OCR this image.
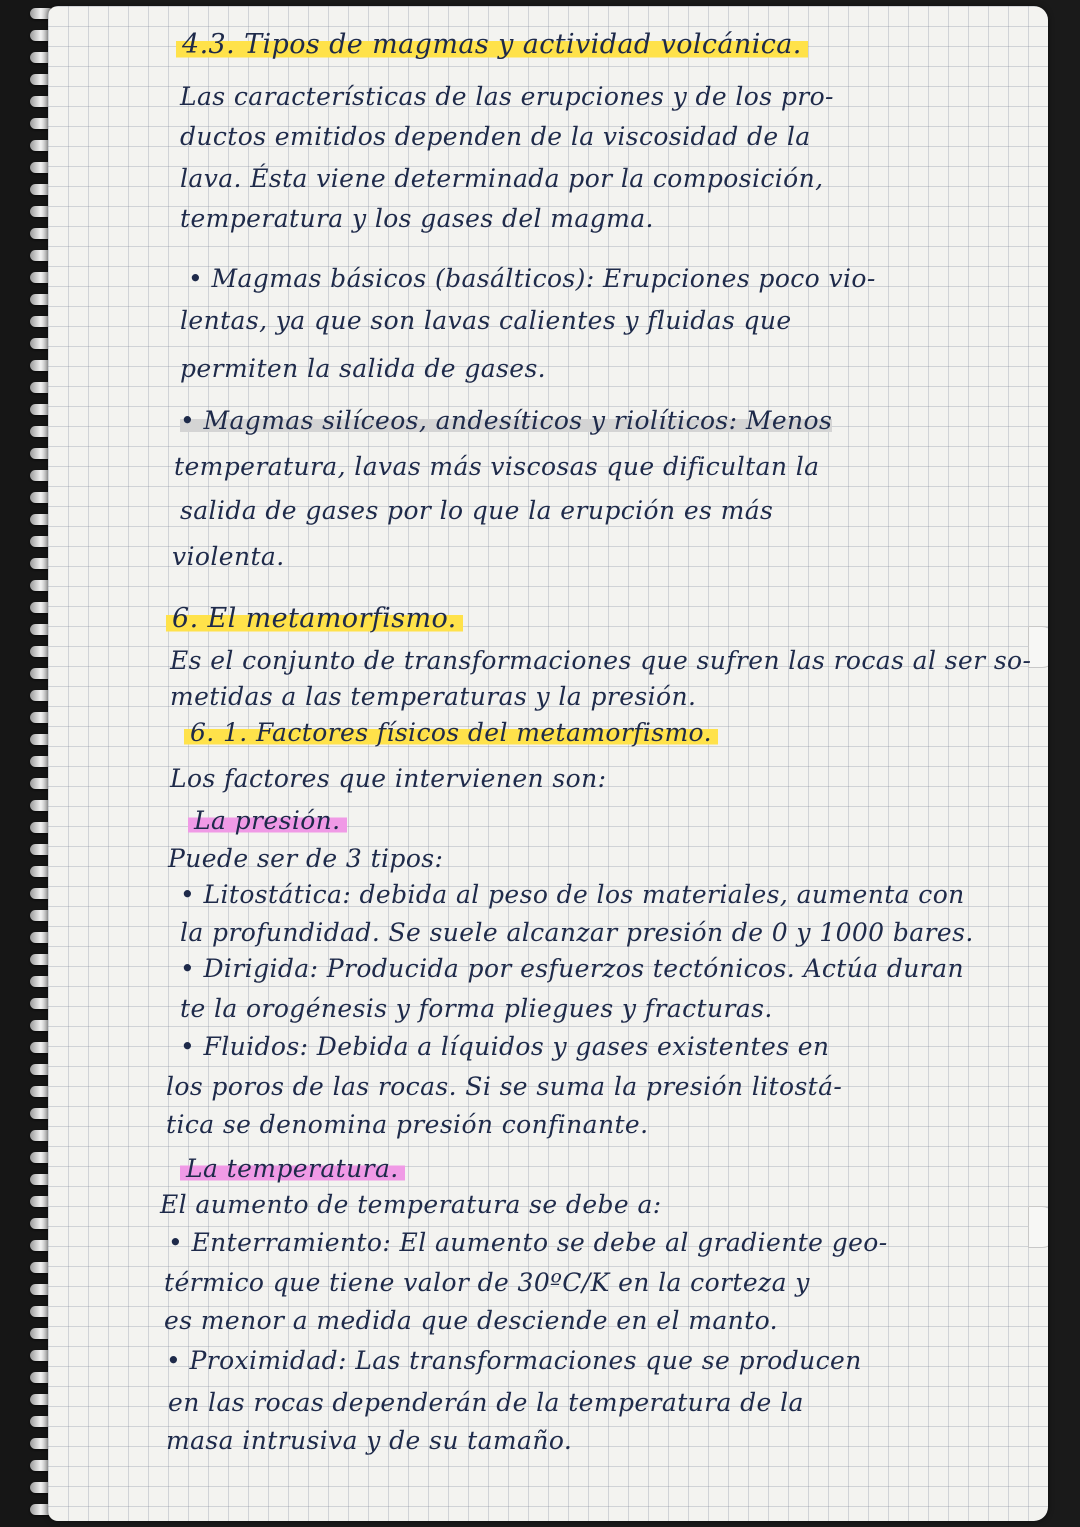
4.3. Tipos de magmas y actividad volcánica.
Las características de las erupciones y de los pro-
ductos emitidos dependen de la viscosidad de la
lava. Ésta viene determinada por la composición,
temperatura y los gases del magma.
• Magmas básicos (basálticos): Erupciones poco vio-
lentas, ya que son lavas calientes y fluidas que
permiten la salida de gases.
• Magmas silíceos, andesíticos y riolíticos: Menos
temperatura, lavas más viscosas que dificultan la
salida de gases por lo que la erupción es más
violenta.
6. El metamorfismo.
Es el conjunto de transformaciones que sufren las rocas al ser so-
metidas a las temperaturas y la presión.
6. 1. Factores físicos del metamorfismo.
Los factores que intervienen son:
La presión.
Puede ser de 3 tipos:
• Litostática: debida al peso de los materiales, aumenta con
la profundidad. Se suele alcanzar presión de 0 y 1000 bares.
• Dirigida: Producida por esfuerzos tectónicos. Actúa duran
te la orogénesis y forma pliegues y fracturas.
• Fluidos: Debida a líquidos y gases existentes en
los poros de las rocas. Si se suma la presión litostá-
tica se denomina presión confinante.
La temperatura.
El aumento de temperatura se debe a:
• Enterramiento: El aumento se debe al gradiente geo-
térmico que tiene valor de 30ºC/K en la corteza y
es menor a medida que desciende en el manto.
• Proximidad: Las transformaciones que se producen
en las rocas dependerán de la temperatura de la
masa intrusiva y de su tamaño.
